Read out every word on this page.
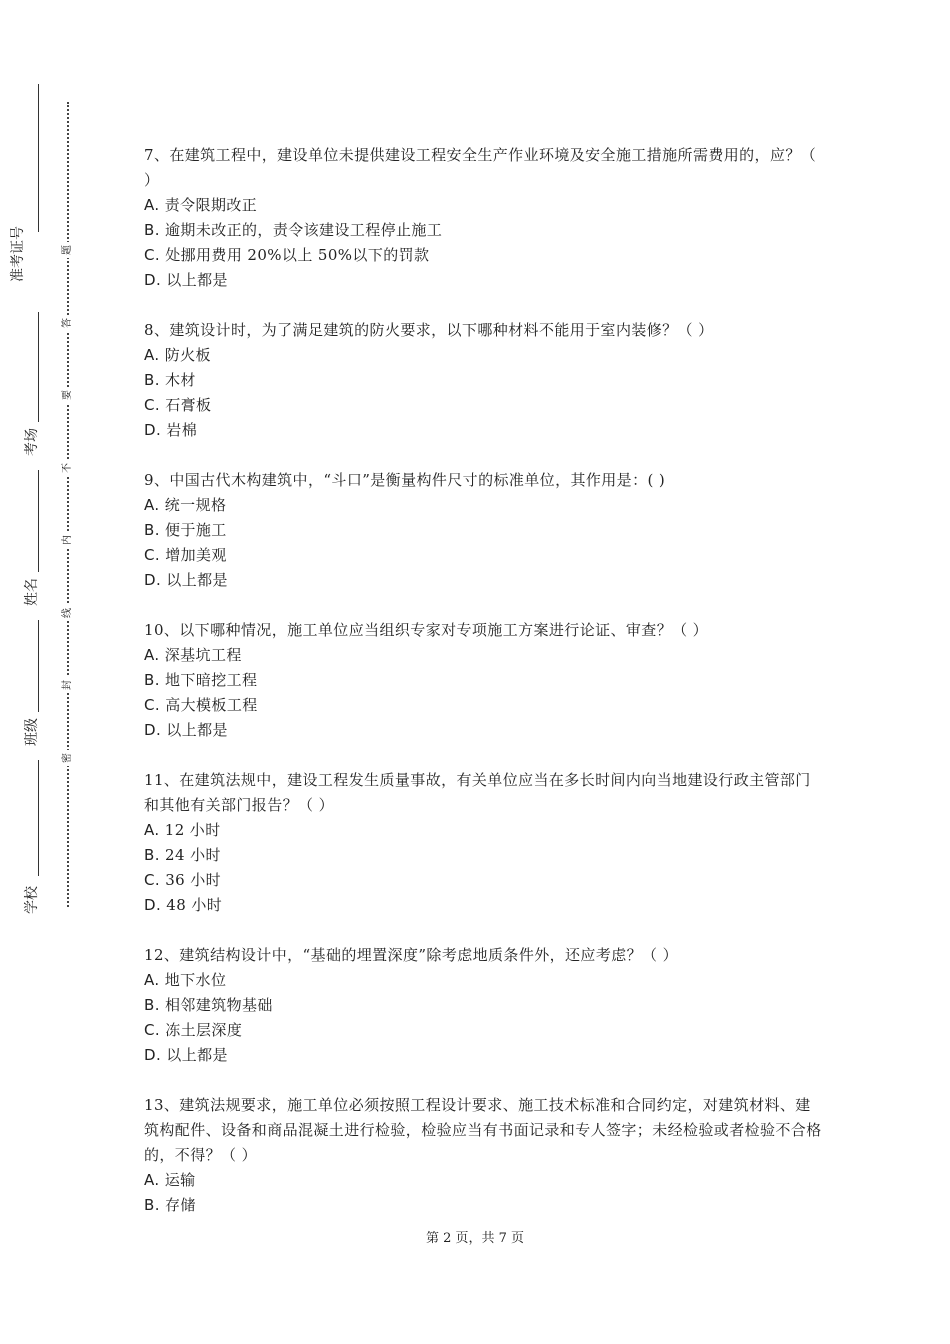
准考证号
考场
姓名
班级
学校
题
答
要
不
内
线
封
密
7、在建筑工程中，建设单位未提供建设工程安全生产作业环境及安全施工措施所需费用的，应？（ ）
A. 责令限期改正
B. 逾期未改正的，责令该建设工程停止施工
C. 处挪用费用 20%以上 50%以下的罚款
D. 以上都是
8、建筑设计时，为了满足建筑的防火要求，以下哪种材料不能用于室内装修？（ ）
A. 防火板
B. 木材
C. 石膏板
D. 岩棉
9、中国古代木构建筑中，“斗口”是衡量构件尺寸的标准单位，其作用是：( )
A. 统一规格
B. 便于施工
C. 增加美观
D. 以上都是
10、以下哪种情况，施工单位应当组织专家对专项施工方案进行论证、审查？（ ）
A. 深基坑工程
B. 地下暗挖工程
C. 高大模板工程
D. 以上都是
11、在建筑法规中，建设工程发生质量事故，有关单位应当在多长时间内向当地建设行政主管部门和其他有关部门报告？（ ）
A. 12 小时
B. 24 小时
C. 36 小时
D. 48 小时
12、建筑结构设计中，“基础的埋置深度”除考虑地质条件外，还应考虑？（ ）
A. 地下水位
B. 相邻建筑物基础
C. 冻土层深度
D. 以上都是
13、建筑法规要求，施工单位必须按照工程设计要求、施工技术标准和合同约定，对建筑材料、建筑构配件、设备和商品混凝土进行检验，检验应当有书面记录和专人签字；未经检验或者检验不合格的，不得？（ ）
A. 运输
B. 存储
第 2 页，共 7 页
